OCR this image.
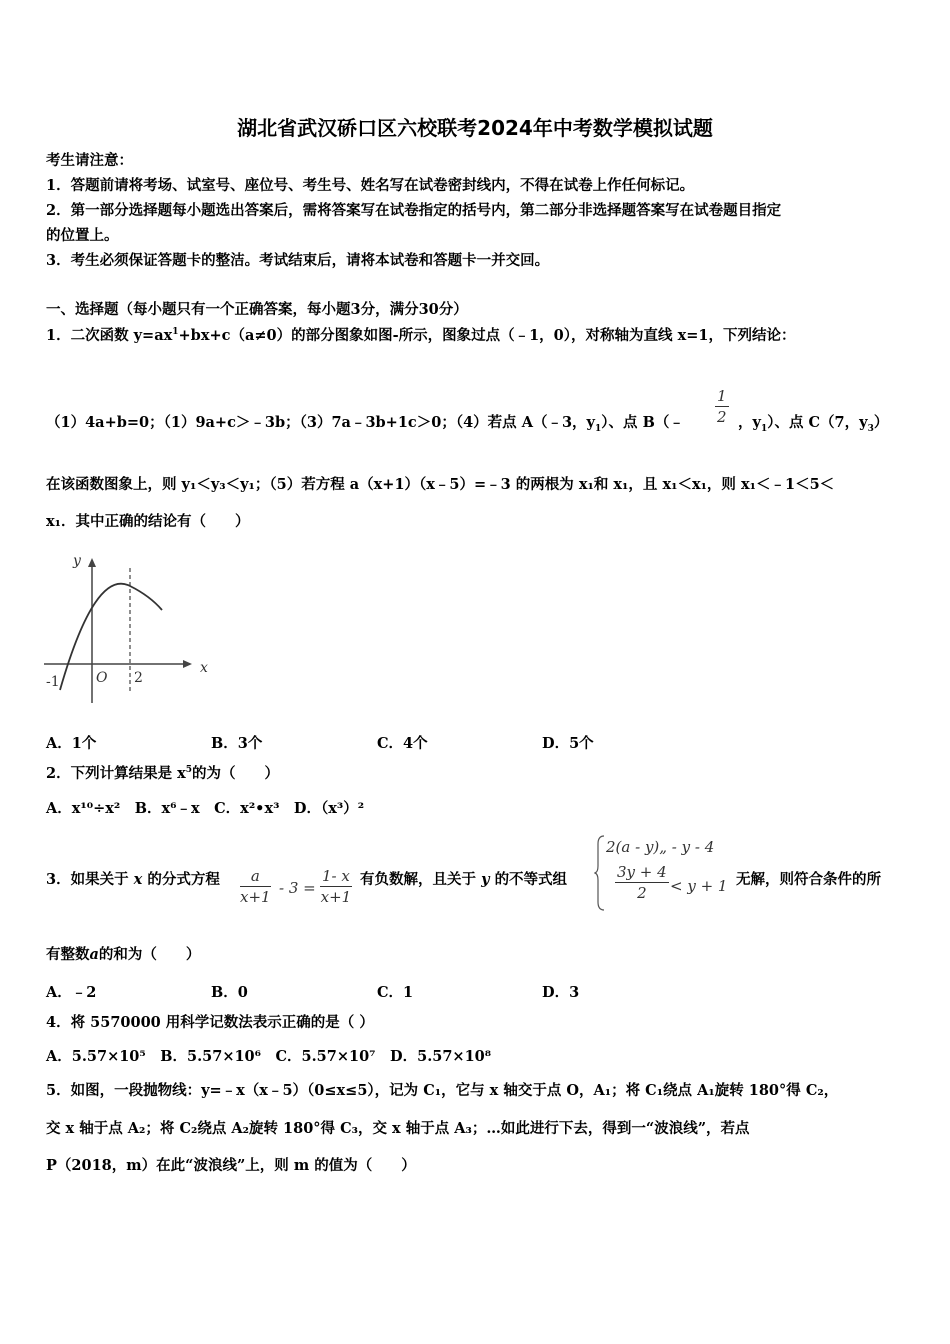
湖北省武汉硚口区六校联考2024年中考数学模拟试题
考生请注意：
1．答题前请将考场、试室号、座位号、考生号、姓名写在试卷密封线内，不得在试卷上作任何标记。
2．第一部分选择题每小题选出答案后，需将答案写在试卷指定的括号内，第二部分非选择题答案写在试卷题目指定
的位置上。
3．考生必须保证答题卡的整洁。考试结束后，请将本试卷和答题卡一并交回。
一、选择题（每小题只有一个正确答案，每小题3分，满分30分）
1．二次函数 $y=ax^1+bx+c(a\ne 0)$的部分图象如图-所示，图象过点（﹣1，0），对称轴为直线 x=1，下列结论：
（1）4a+b=0；（1）9a+c＞﹣3b；（3）7a﹣3b+1c＞0；（4）若点 A（﹣3，$y_1$）、点 B（﹣ $\frac{1}{2}$ ，$y_1$）、点 C（7，$y_3$）
在该函数图象上，则 y₁＜y₃＜y₁；（5）若方程 a（x+1）（x﹣5）=﹣3 的两根为 x₁和 x₁，且 x₁＜x₁，则 x₁＜﹣1＜5＜
x₁．其中正确的结论有（　　）
y
x
O
-1	2
A．1个	B．3个	C．4个	D．5个
2．下列计算结果是 $x^5$的为（　　）
A．x¹⁰÷x²　B．x⁶﹣x　C．x²•x³　D．（x³）²
3．如果关于 x 的分式方程 $\frac{a}{x+1} - 3 = \frac{1- x}{x+1}$ 有负数解，且关于 y 的不等式组
2(a - y)„ - y - 4
$\frac{3y + 4}{2} < y + 1$ 无解，则符合条件的所
有整数a的和为（　　）
A．﹣2	B．0	C．1	D．3
4．将 5570000 用科学记数法表示正确的是（ ）
A．5.57×10⁵　B．5.57×10⁶　C．5.57×10⁷　D．5.57×10⁸
5．如图，一段抛物线：y=﹣x（x﹣5）（0≤x≤5），记为 C₁，它与 x 轴交于点 O，A₁；将 C₁绕点 A₁旋转 180°得 C₂，
交 x 轴于点 A₂；将 C₂绕点 A₂旋转 180°得 C₃，交 x 轴于点 A₃；…如此进行下去，得到一“波浪线”，若点
P（2018，m）在此“波浪线”上，则 m 的值为（　　）
